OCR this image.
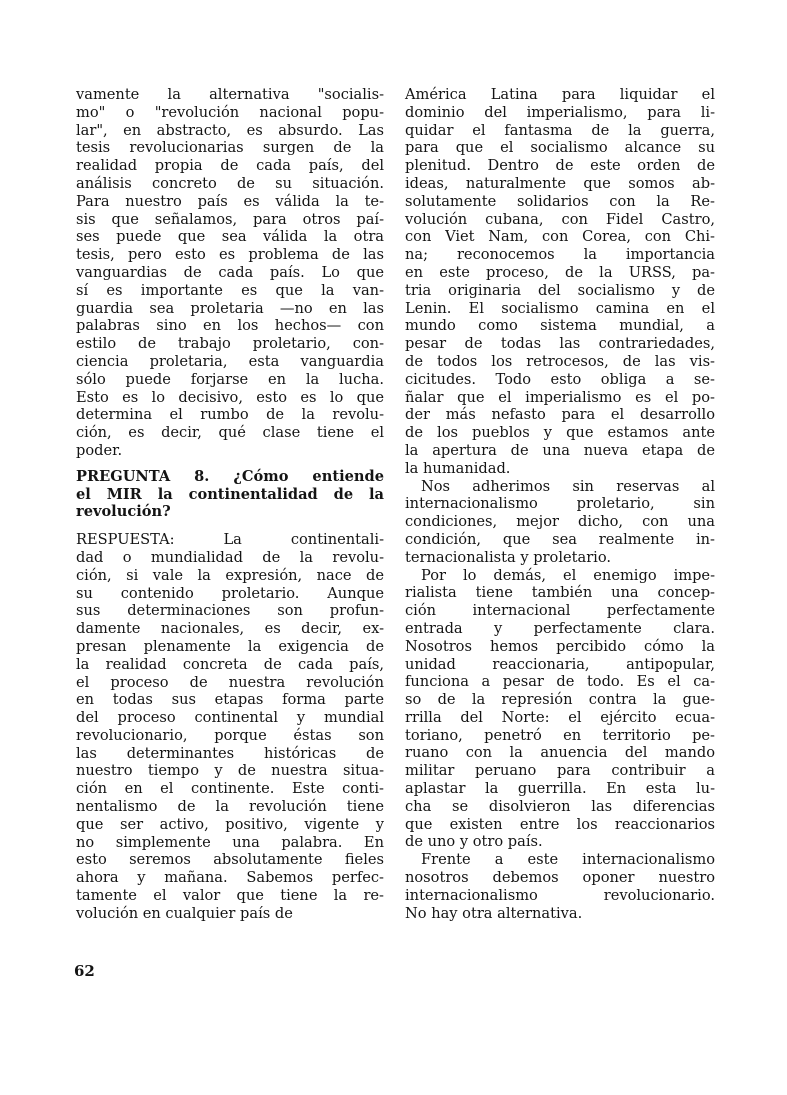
vamente la alternativa "socialis-
mo" o "revolución nacional popu-
lar", en abstracto, es absurdo. Las
tesis revolucionarias surgen de la
realidad propia de cada país, del
análisis concreto de su situación.
Para nuestro país es válida la te-
sis que señalamos, para otros paí-
ses puede que sea válida la otra
tesis, pero esto es problema de las
vanguardias de cada país. Lo que
sí es importante es que la van-
guardia sea proletaria —no en las
palabras sino en los hechos— con
estilo de trabajo proletario, con-
ciencia proletaria, esta vanguardia
sólo puede forjarse en la lucha.
Esto es lo decisivo, esto es lo que
determina el rumbo de la revolu-
ción, es decir, qué clase tiene el
poder.
PREGUNTA 8. ¿Cómo entiende
el MIR la continentalidad de la
revolución?
RESPUESTA: La continentali-
dad o mundialidad de la revolu-
ción, si vale la expresión, nace de
su contenido proletario. Aunque
sus determinaciones son profun-
damente nacionales, es decir, ex-
presan plenamente la exigencia de
la realidad concreta de cada país,
el proceso de nuestra revolución
en todas sus etapas forma parte
del proceso continental y mundial
revolucionario, porque éstas son
las determinantes históricas de
nuestro tiempo y de nuestra situa-
ción en el continente. Este conti-
nentalismo de la revolución tiene
que ser activo, positivo, vigente y
no simplemente una palabra. En
esto seremos absolutamente fieles
ahora y mañana. Sabemos perfec-
tamente el valor que tiene la re-
volución en cualquier país de
América Latina para liquidar el
dominio del imperialismo, para li-
quidar el fantasma de la guerra,
para que el socialismo alcance su
plenitud. Dentro de este orden de
ideas, naturalmente que somos ab-
solutamente solidarios con la Re-
volución cubana, con Fidel Castro,
con Viet Nam, con Corea, con Chi-
na; reconocemos la importancia
en este proceso, de la URSS, pa-
tria originaria del socialismo y de
Lenin. El socialismo camina en el
mundo como sistema mundial, a
pesar de todas las contrariedades,
de todos los retrocesos, de las vis-
cicitudes. Todo esto obliga a se-
ñalar que el imperialismo es el po-
der más nefasto para el desarrollo
de los pueblos y que estamos ante
la apertura de una nueva etapa de
la humanidad.
Nos adherimos sin reservas al
internacionalismo proletario, sin
condiciones, mejor dicho, con una
condición, que sea realmente in-
ternacionalista y proletario.
Por lo demás, el enemigo impe-
rialista tiene también una concep-
ción internacional perfectamente
entrada y perfectamente clara.
Nosotros hemos percibido cómo la
unidad reaccionaria, antipopular,
funciona a pesar de todo. Es el ca-
so de la represión contra la gue-
rrilla del Norte: el ejército ecua-
toriano, penetró en territorio pe-
ruano con la anuencia del mando
militar peruano para contribuir a
aplastar la guerrilla. En esta lu-
cha se disolvieron las diferencias
que existen entre los reaccionarios
de uno y otro país.
Frente a este internacionalismo
nosotros debemos oponer nuestro
internacionalismo revolucionario.
No hay otra alternativa.
62
